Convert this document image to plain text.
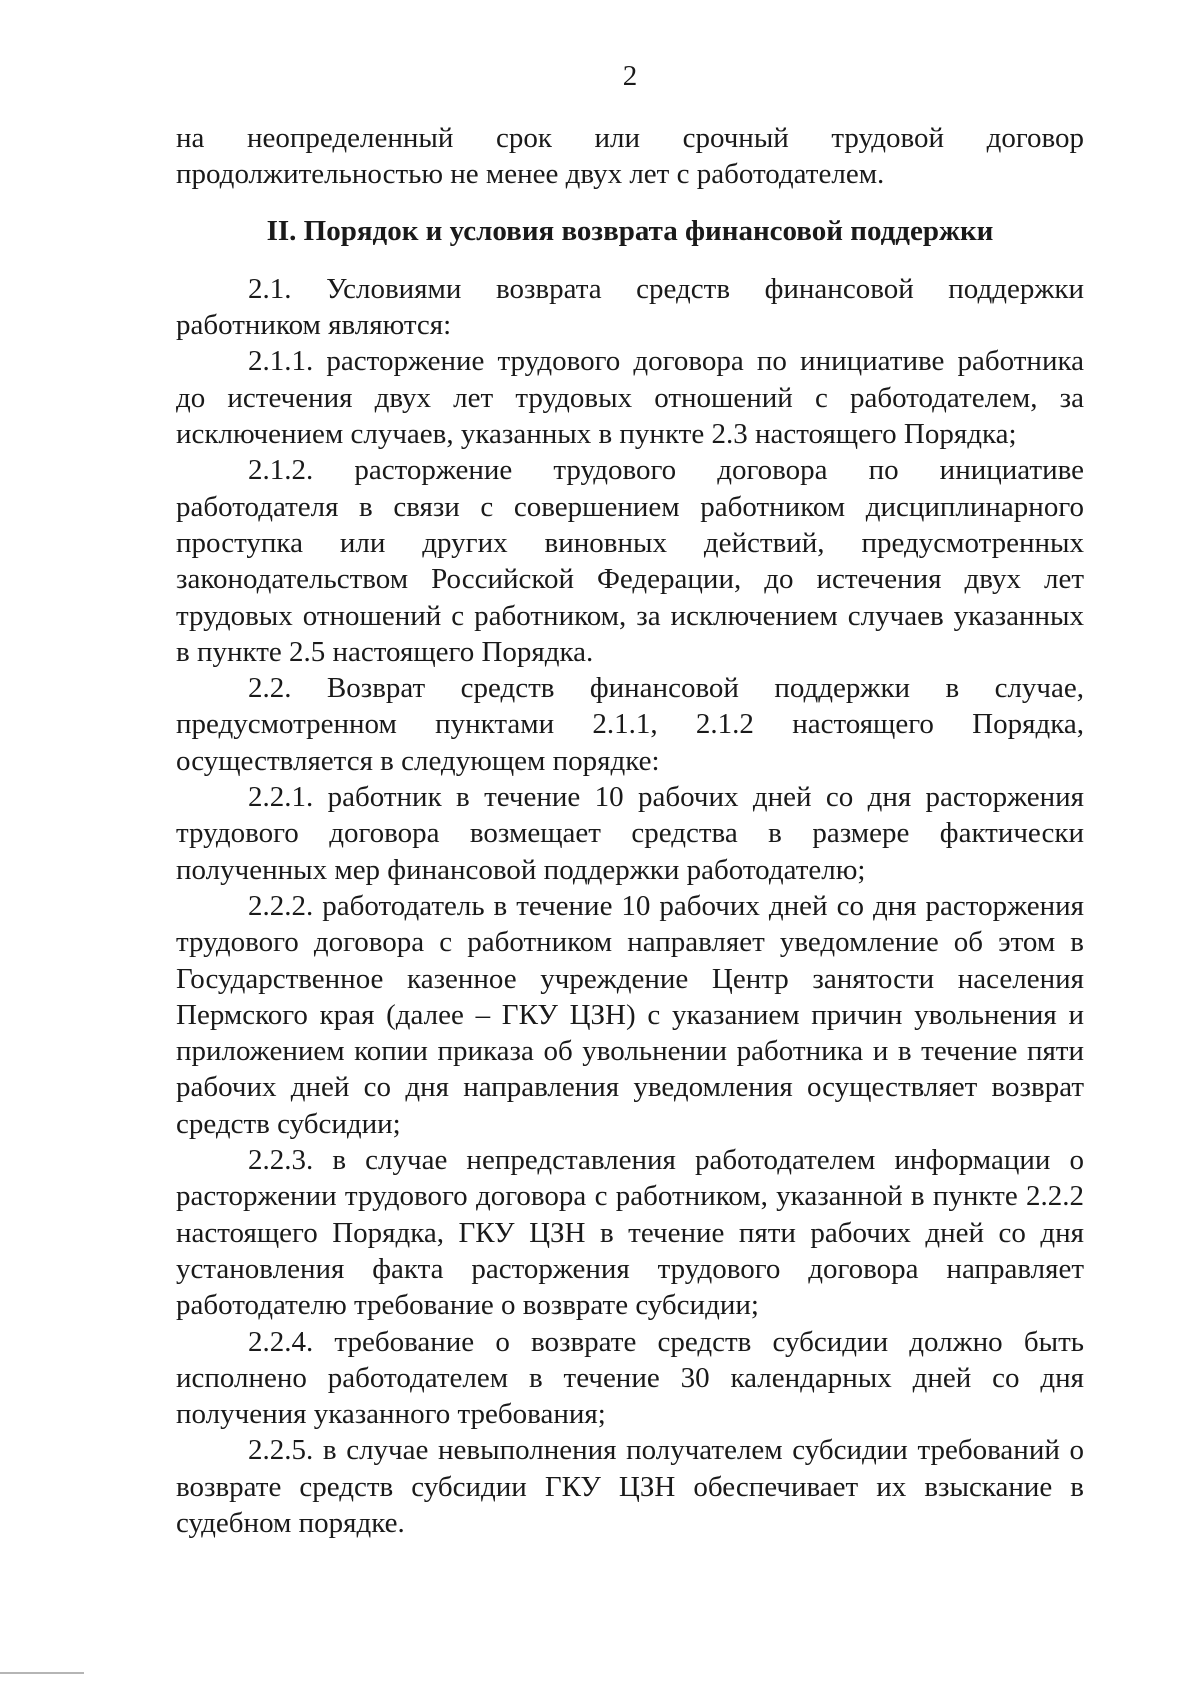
2

на неопределенный срок или срочный трудовой договор продолжительностью не менее двух лет с работодателем.

II. Порядок и условия возврата финансовой поддержки

2.1. Условиями возврата средств финансовой поддержки работником являются:

2.1.1. расторжение трудового договора по инициативе работника до истечения двух лет трудовых отношений с работодателем, за исключением случаев, указанных в пункте 2.3 настоящего Порядка;

2.1.2. расторжение трудового договора по инициативе работодателя в связи с совершением работником дисциплинарного проступка или других виновных действий, предусмотренных законодательством Российской Федерации, до истечения двух лет трудовых отношений с работником, за исключением случаев указанных в пункте 2.5 настоящего Порядка.

2.2. Возврат средств финансовой поддержки в случае, предусмотренном пунктами 2.1.1, 2.1.2 настоящего Порядка, осуществляется в следующем порядке:

2.2.1. работник в течение 10 рабочих дней со дня расторжения трудового договора возмещает средства в размере фактически полученных мер финансовой поддержки работодателю;

2.2.2. работодатель в течение 10 рабочих дней со дня расторжения трудового договора с работником направляет уведомление об этом в Государственное казенное учреждение Центр занятости населения Пермского края (далее – ГКУ ЦЗН) с указанием причин увольнения и приложением копии приказа об увольнении работника и в течение пяти рабочих дней со дня направления уведомления осуществляет возврат средств субсидии;

2.2.3. в случае непредставления работодателем информации о расторжении трудового договора с работником, указанной в пункте 2.2.2 настоящего Порядка, ГКУ ЦЗН в течение пяти рабочих дней со дня установления факта расторжения трудового договора направляет работодателю требование о возврате субсидии;

2.2.4. требование о возврате средств субсидии должно быть исполнено работодателем в течение 30 календарных дней со дня получения указанного требования;

2.2.5. в случае невыполнения получателем субсидии требований о возврате средств субсидии ГКУ ЦЗН обеспечивает их взыскание в судебном порядке.
